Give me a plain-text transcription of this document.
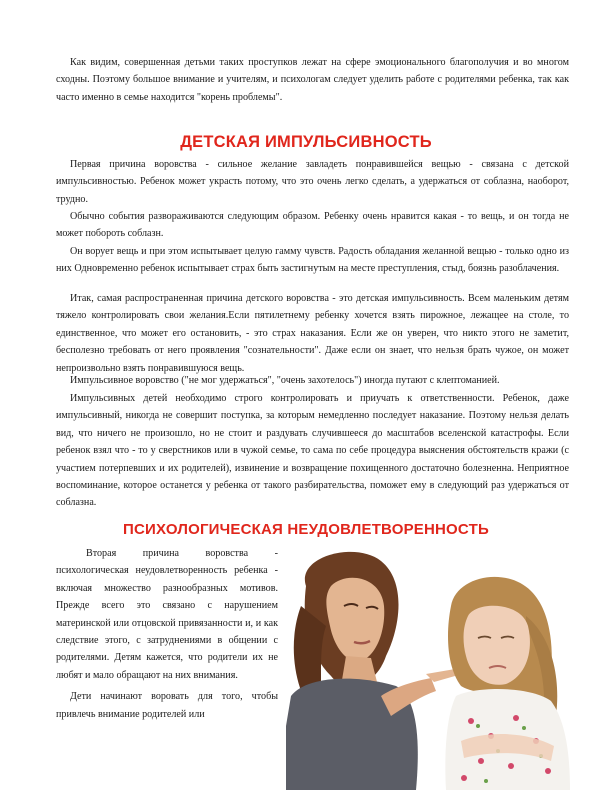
Как видим, совершенная детьми таких проступков лежат на сфере эмоционального благополучия и во многом сходны. Поэтому большое внимание и учителям, и психологам следует уделить работе с родителями ребенка, так как часто именно в семье находится "корень проблемы".

ДЕТСКАЯ ИМПУЛЬСИВНОСТЬ

Первая причина воровства - сильное желание завладеть понравившейся вещью - связана с детской импульсивностью. Ребенок может украсть потому, что это очень легко сделать, а удержаться от соблазна, наоборот, трудно.

Обычно события развораживаются следующим образом. Ребенку очень нравится какая - то вещь, и он тогда не может побороть соблазн.

Он ворует вещь и при этом испытывает целую гамму чувств. Радость обладания желанной вещью - только одно из них Одновременно ребенок испытывает страх быть застигнутым на месте преступления, стыд, боязнь разоблачения.

Итак, самая распространенная причина детского воровства - это детская импульсивность. Всем маленьким детям тяжело контролировать свои желания.Если пятилетнему ребенку хочется взять пирожное, лежащее на столе, то единственное, что может его остановить, - это страх наказания. Если же он уверен, что никто этого не заметит, бесполезно требовать от него проявления "сознательности". Даже если он знает, что нельзя брать чужое, он может непроизвольно взять понравившуюся вещь.

Импульсивное воровство ("не мог удержаться", "очень захотелось") иногда путают с клептоманией.

Импульсивных детей необходимо строго контролировать и приучать к ответственности. Ребенок, даже импульсивный, никогда не совершит поступка, за которым немедленно последует наказание. Поэтому нельзя делать вид, что ничего не произошло, но не стоит и раздувать случившееся до масштабов вселенской катастрофы. Если ребенок взял что - то у сверстников или в чужой семье, то сама по себе процедура выяснения обстоятельств кражи (с участием потерпевших и их родителей), извинение и возвращение похищенного достаточно болезненна. Неприятное воспоминание, которое останется у ребенка от такого разбирательства, поможет ему в следующий раз удержаться от соблазна.

ПСИХОЛОГИЧЕСКАЯ НЕУДОВЛЕТВОРЕННОСТЬ

Вторая причина воровства - психологическая неудовлетворенность ребенка - включая множество разнообразных мотивов. Прежде всего это связано с нарушением материнской или отцовской привязанности и, и как следствие этого, с затруднениями в общении с родителями. Детям кажется, что родители их не любят и мало обращают на них внимания.

Дети начинают воровать для того, чтобы привлечь внимание родителей или
